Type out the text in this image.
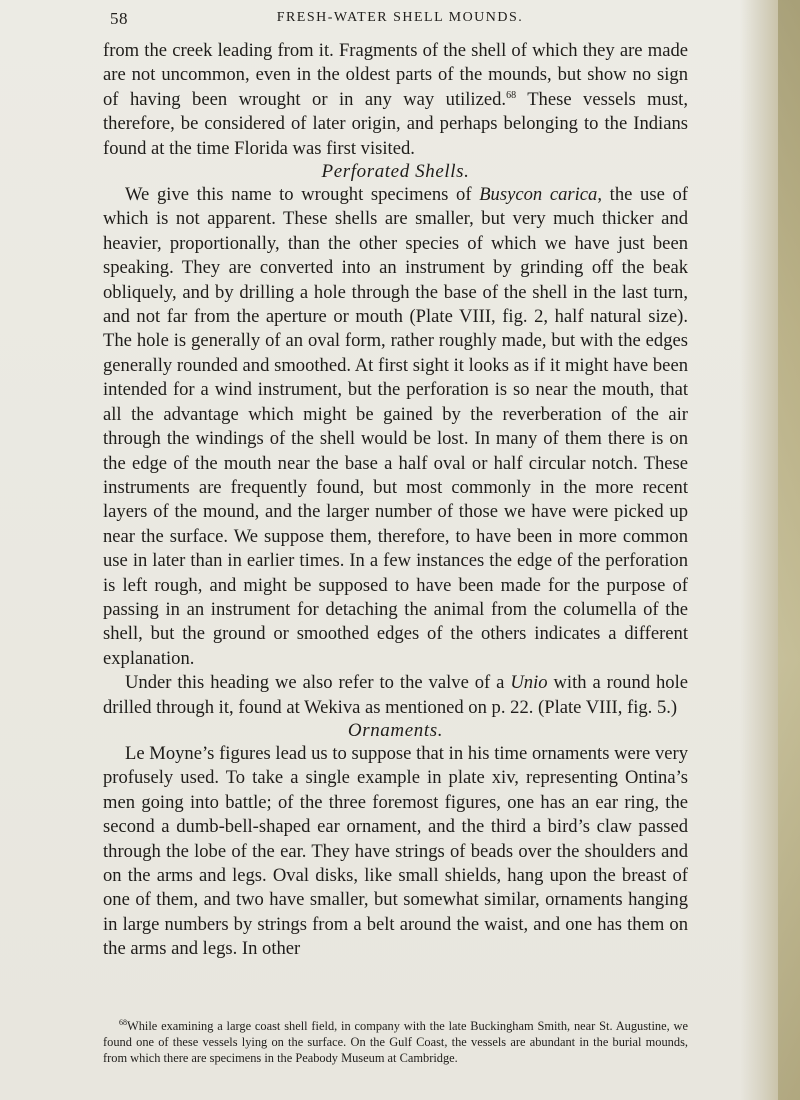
58	FRESH-WATER SHELL MOUNDS.

from the creek leading from it. Fragments of the shell of which they are made are not uncommon, even in the oldest parts of the mounds, but show no sign of having been wrought or in any way utilized.$^{68}$ These vessels must, therefore, be considered of later origin, and perhaps belonging to the Indians found at the time Florida was first visited.

Perforated Shells.

We give this name to wrought specimens of Busycon carica, the use of which is not apparent. These shells are smaller, but very much thicker and heavier, proportionally, than the other species of which we have just been speaking. They are converted into an instrument by grinding off the beak obliquely, and by drilling a hole through the base of the shell in the last turn, and not far from the aperture or mouth (Plate VIII, fig. 2, half natural size). The hole is generally of an oval form, rather roughly made, but with the edges generally rounded and smoothed. At first sight it looks as if it might have been intended for a wind instrument, but the perforation is so near the mouth, that all the advantage which might be gained by the reverberation of the air through the windings of the shell would be lost. In many of them there is on the edge of the mouth near the base a half oval or half circular notch. These instruments are frequently found, but most commonly in the more recent layers of the mound, and the larger number of those we have were picked up near the surface. We suppose them, therefore, to have been in more common use in later than in earlier times. In a few instances the edge of the perforation is left rough, and might be supposed to have been made for the purpose of passing in an instrument for detaching the animal from the columella of the shell, but the ground or smoothed edges of the others indicates a different explanation.

Under this heading we also refer to the valve of a Unio with a round hole drilled through it, found at Wekiva as mentioned on p. 22. (Plate VIII, fig. 5.)

Ornaments.

Le Moyne’s figures lead us to suppose that in his time ornaments were very profusely used. To take a single example in plate xiv, representing Ontina’s men going into battle; of the three foremost figures, one has an ear ring, the second a dumb-bell-shaped ear ornament, and the third a bird’s claw passed through the lobe of the ear. They have strings of beads over the shoulders and on the arms and legs. Oval disks, like small shields, hang upon the breast of one of them, and two have smaller, but somewhat similar, ornaments hanging in large numbers by strings from a belt around the waist, and one has them on the arms and legs. In other

$^{68}$While examining a large coast shell field, in company with the late Buckingham Smith, near St. Augustine, we found one of these vessels lying on the surface. On the Gulf Coast, the vessels are abundant in the burial mounds, from which there are specimens in the Peabody Museum at Cambridge.
